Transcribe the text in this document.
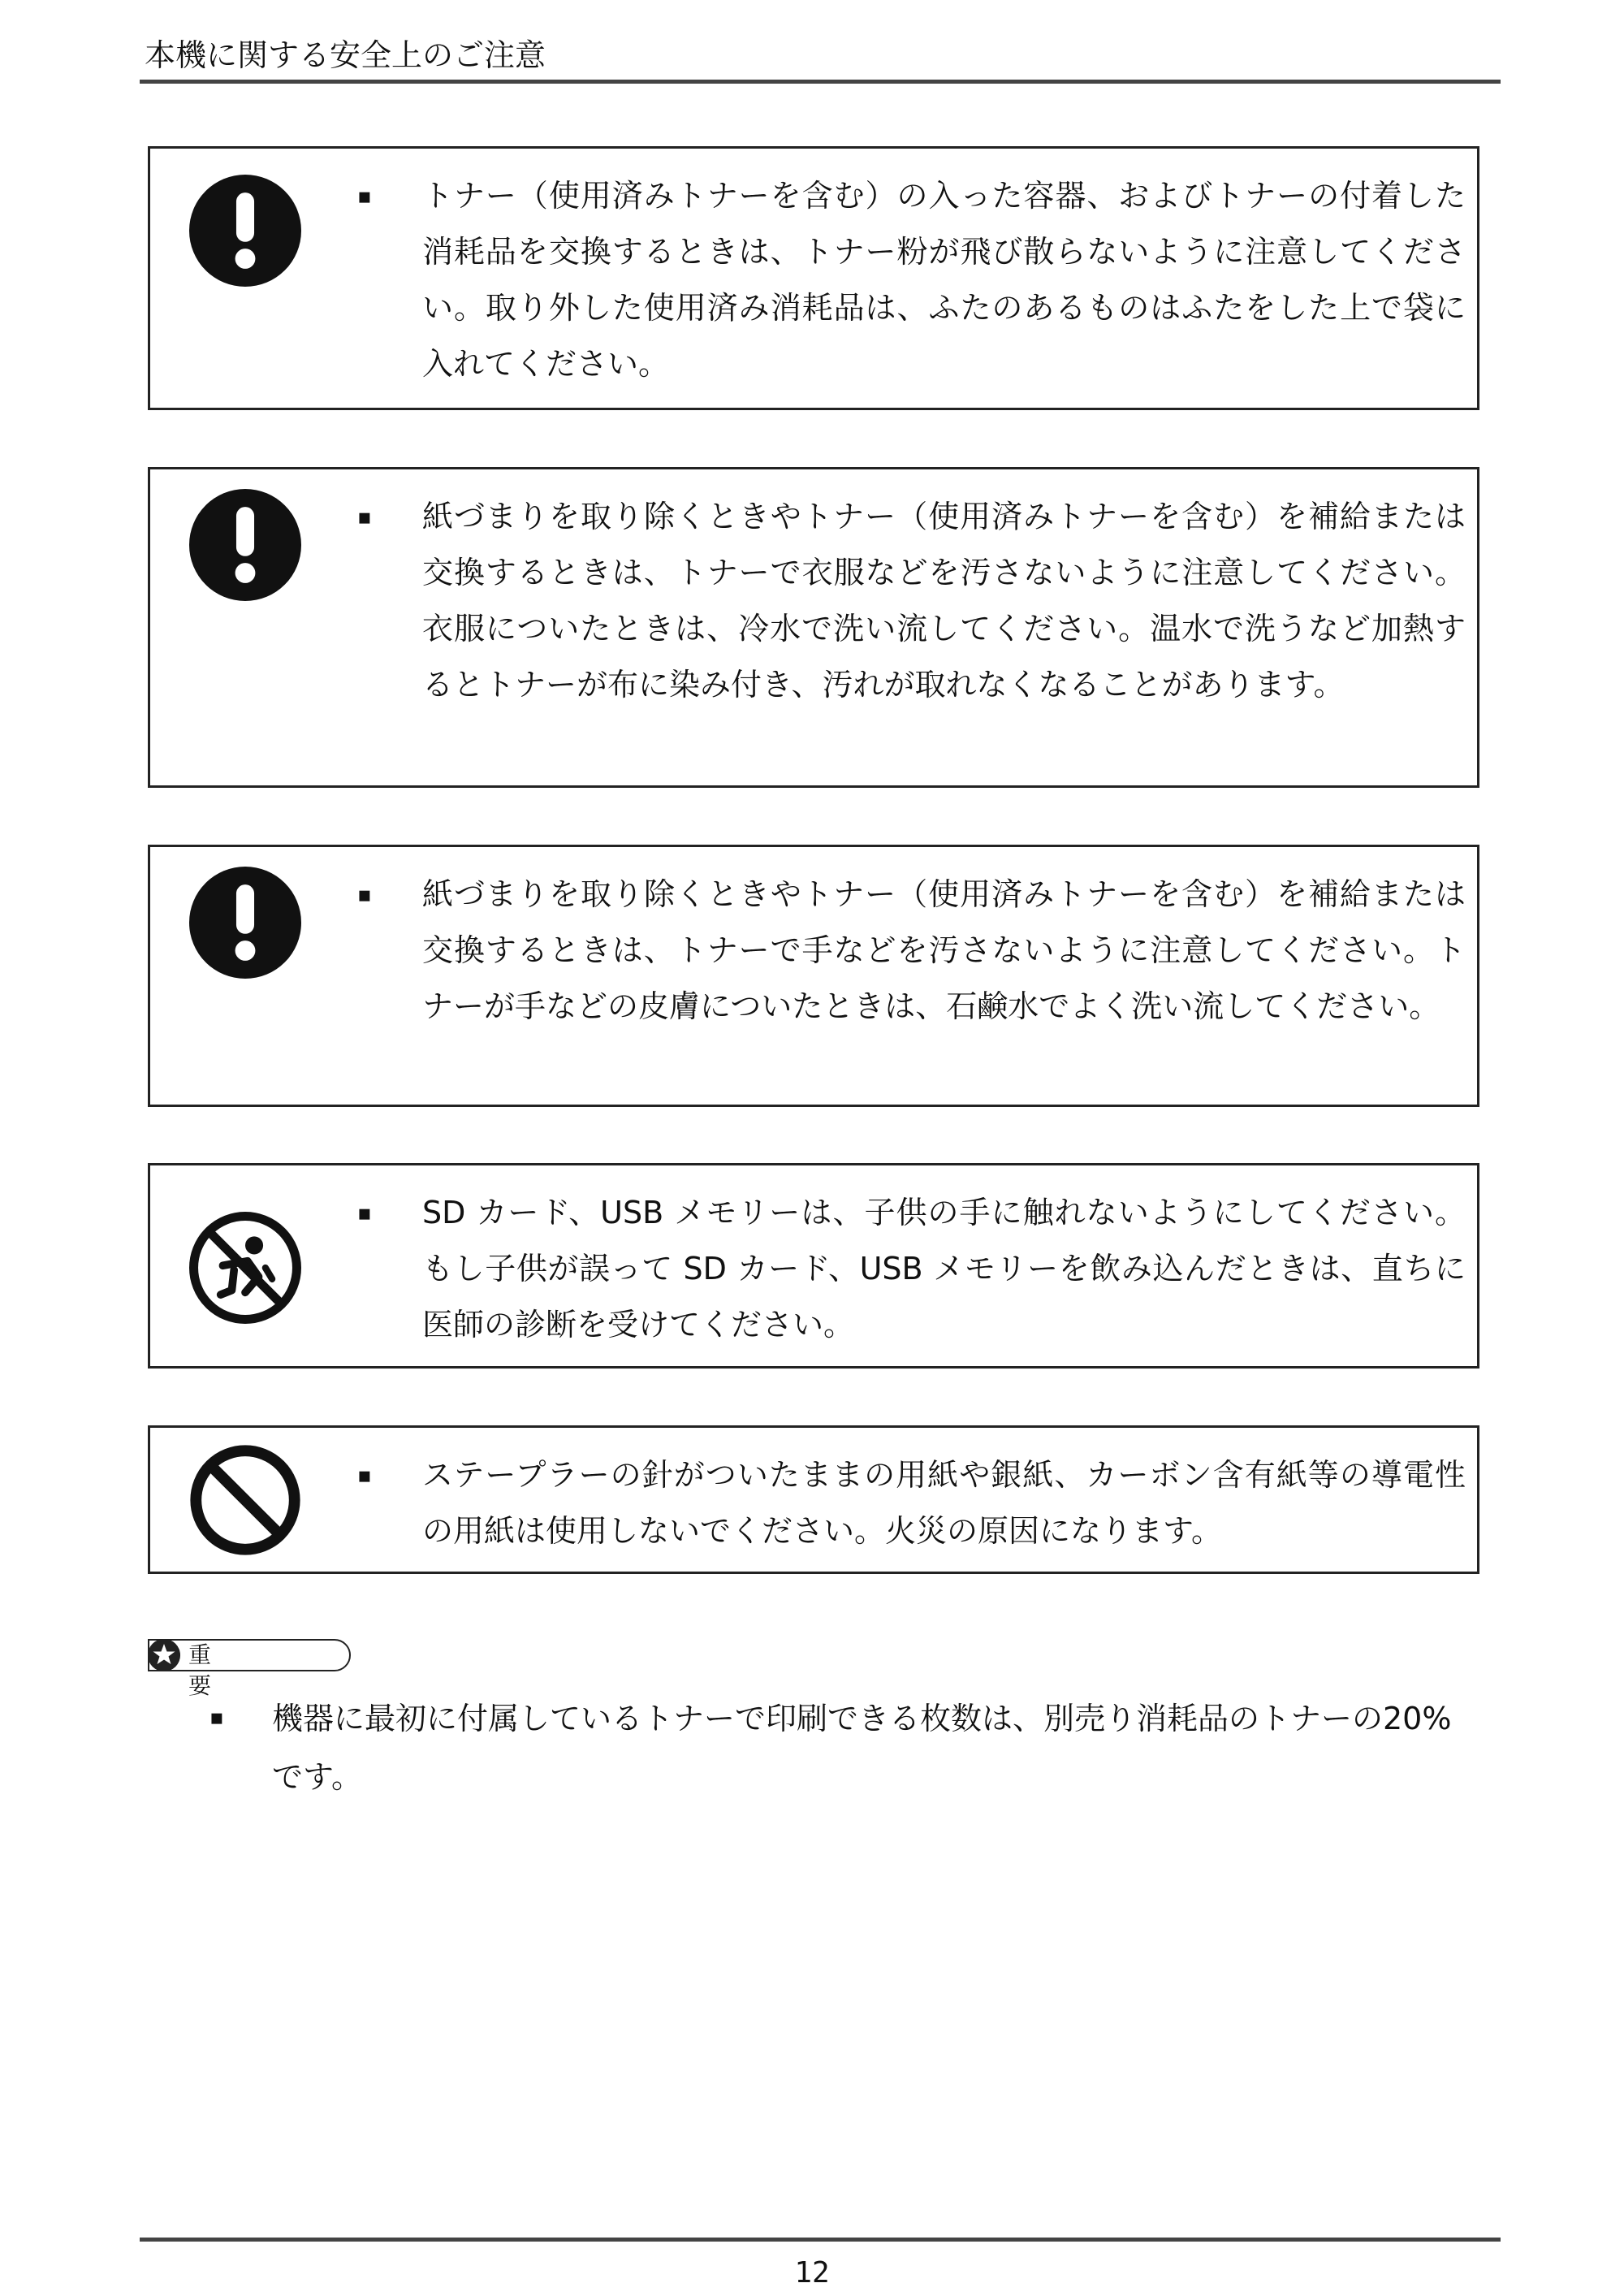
本機に関する安全上のご注意
▪ トナー（使用済みトナーを含む）の入った容器、およびトナーの付着した消耗品を交換するときは、トナー粉が飛び散らないように注意してください。取り外した使用済み消耗品は、ふたのあるものはふたをした上で袋に入れてください。
▪ 紙づまりを取り除くときやトナー（使用済みトナーを含む）を補給または交換するときは、トナーで衣服などを汚さないように注意してください。衣服についたときは、冷水で洗い流してください。温水で洗うなど加熱するとトナーが布に染み付き、汚れが取れなくなることがあります。
▪ 紙づまりを取り除くときやトナー（使用済みトナーを含む）を補給または交換するときは、トナーで手などを汚さないように注意してください。トナーが手などの皮膚についたときは、石鹸水でよく洗い流してください。
▪ SD カード、USB メモリーは、子供の手に触れないようにしてください。もし子供が誤って SD カード、USB メモリーを飲み込んだときは、直ちに医師の診断を受けてください。
▪ ステープラーの針がついたままの用紙や銀紙、カーボン含有紙等の導電性の用紙は使用しないでください。火災の原因になります。
重要
▪ 機器に最初に付属しているトナーで印刷できる枚数は、別売り消耗品のトナーの20%です。
12
